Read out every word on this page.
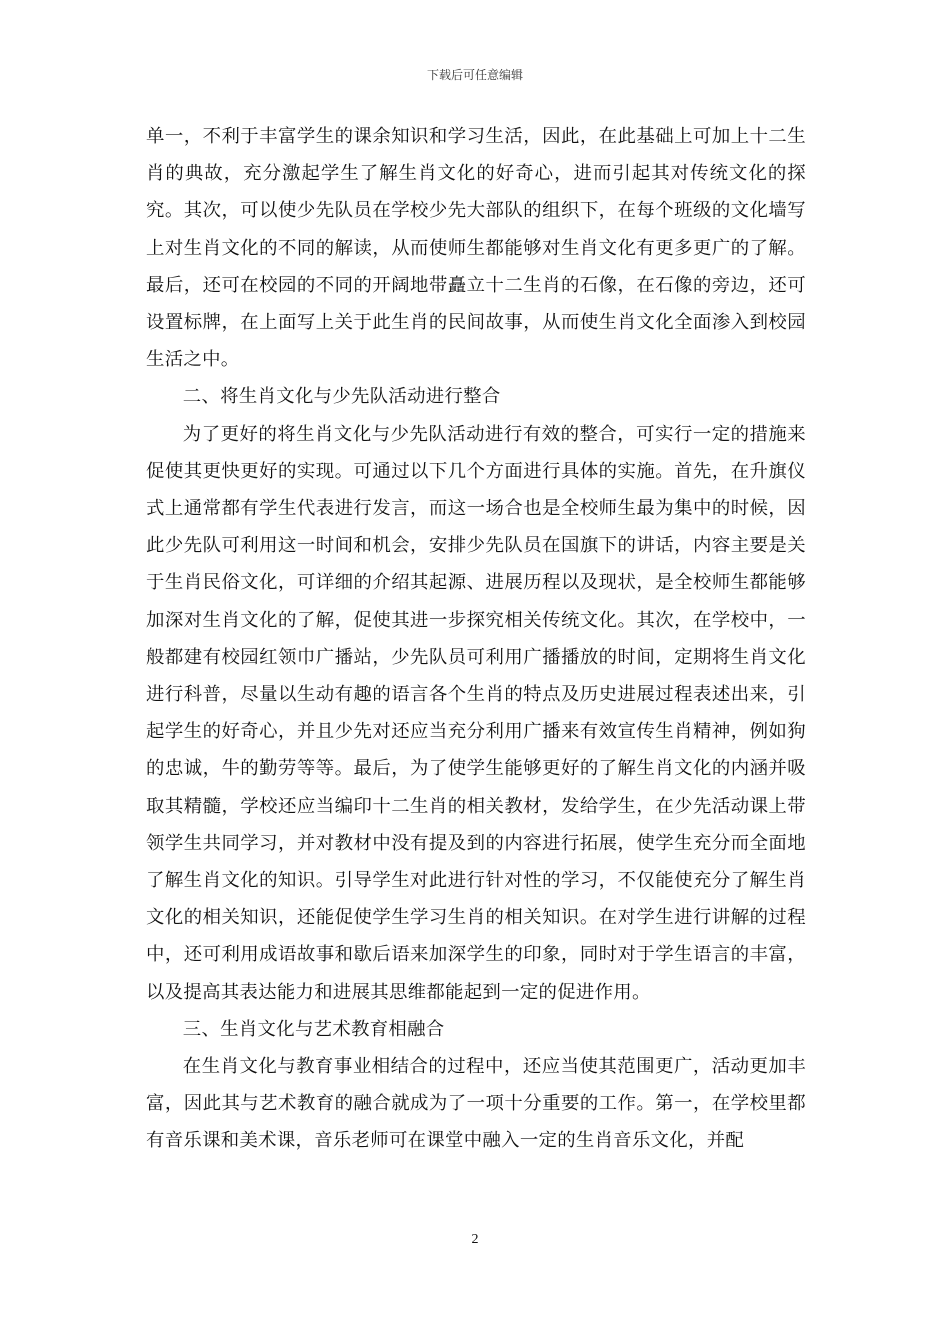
下载后可任意编辑

单一，不利于丰富学生的课余知识和学习生活，因此，在此基础上可加上十二生肖的典故，充分激起学生了解生肖文化的好奇心，进而引起其对传统文化的探究。其次，可以使少先队员在学校少先大部队的组织下，在每个班级的文化墙写上对生肖文化的不同的解读，从而使师生都能够对生肖文化有更多更广的了解。最后，还可在校园的不同的开阔地带矗立十二生肖的石像，在石像的旁边，还可设置标牌，在上面写上关于此生肖的民间故事，从而使生肖文化全面渗入到校园生活之中。

二、将生肖文化与少先队活动进行整合

为了更好的将生肖文化与少先队活动进行有效的整合，可实行一定的措施来促使其更快更好的实现。可通过以下几个方面进行具体的实施。首先，在升旗仪式上通常都有学生代表进行发言，而这一场合也是全校师生最为集中的时候，因此少先队可利用这一时间和机会，安排少先队员在国旗下的讲话，内容主要是关于生肖民俗文化，可详细的介绍其起源、进展历程以及现状，是全校师生都能够加深对生肖文化的了解，促使其进一步探究相关传统文化。其次，在学校中，一般都建有校园红领巾广播站，少先队员可利用广播播放的时间，定期将生肖文化进行科普，尽量以生动有趣的语言各个生肖的特点及历史进展过程表述出来，引起学生的好奇心，并且少先对还应当充分利用广播来有效宣传生肖精神，例如狗的忠诚，牛的勤劳等等。最后，为了使学生能够更好的了解生肖文化的内涵并吸取其精髓，学校还应当编印十二生肖的相关教材，发给学生，在少先活动课上带领学生共同学习，并对教材中没有提及到的内容进行拓展，使学生充分而全面地了解生肖文化的知识。引导学生对此进行针对性的学习，不仅能使充分了解生肖文化的相关知识，还能促使学生学习生肖的相关知识。在对学生进行讲解的过程中，还可利用成语故事和歇后语来加深学生的印象，同时对于学生语言的丰富，以及提高其表达能力和进展其思维都能起到一定的促进作用。

三、生肖文化与艺术教育相融合

在生肖文化与教育事业相结合的过程中，还应当使其范围更广，活动更加丰富，因此其与艺术教育的融合就成为了一项十分重要的工作。第一，在学校里都有音乐课和美术课，音乐老师可在课堂中融入一定的生肖音乐文化，并配

2
